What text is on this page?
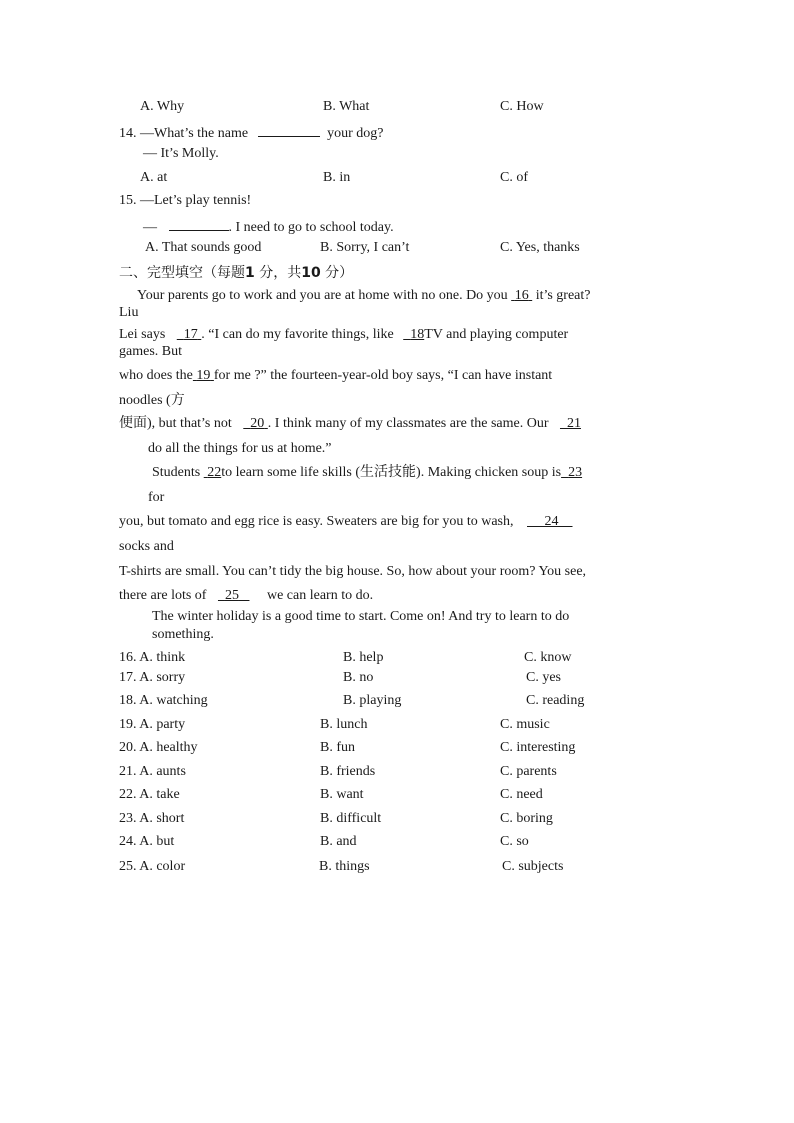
A. Why	B. What	C. How
14. —What’s the name	your dog?
— It’s Molly.
A. at	B. in	C. of
15. —Let’s play tennis!
—	. I need to go to school today.
A. That sounds good	B. Sorry, I can’t	C. Yes, thanks
二、完型填空（每题1 分，共10 分）
Your parents go to work and you are at home with no one. Do you 16 it’s great?
Liu
Lei says 17 . “I can do my favorite things, like 18TV and playing computer
games. But
who does the 19 for me ?” the fourteen-year-old boy says, “I can have instant
noodles (方
便面), but that’s not 20 . I think many of my classmates are the same. Our 21
do all the things for us at home.”
Students 22to learn some life skills (生活技能). Making chicken soup is 23
for
you, but tomato and egg rice is easy. Sweaters are big for you to wash, 24
socks and
T-shirts are small. You can’t tidy the big house. So, how about your room? You see,
there are lots of 25 we can learn to do.
The winter holiday is a good time to start. Come on! And try to learn to do
something.
16. A. think	B. help	C. know
17. A. sorry	B. no	C. yes
18. A. watching	B. playing	C. reading
19. A. party	B. lunch	C. music
20. A. healthy	B. fun	C. interesting
21. A. aunts	B. friends	C. parents
22. A. take	B. want	C. need
23. A. short	B. difficult	C. boring
24. A. but	B. and	C. so
25. A. color	B. things	C. subjects
